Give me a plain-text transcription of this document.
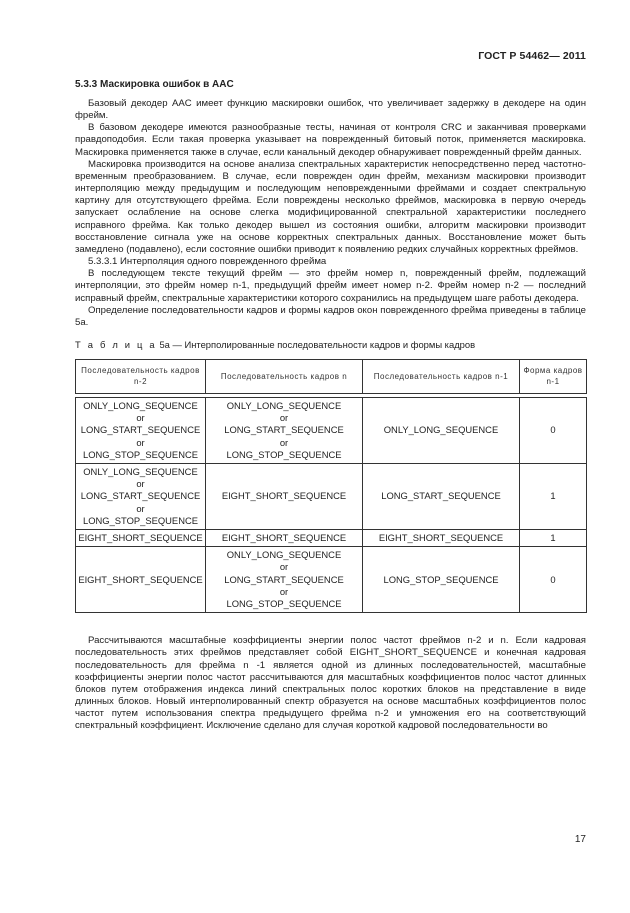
ГОСТ Р 54462— 2011
5.3.3 Маскировка ошибок в AAC

Базовый декодер AAC имеет функцию маскировки ошибок, что увеличивает задержку в декодере на один фрейм.

В базовом декодере имеются разнообразные тесты, начиная от контроля CRC и заканчивая проверками правдоподобия. Если такая проверка указывает на поврежденный битовый поток, применяется маскировка. Маскировка применяется также в случае, если канальный декодер обнаруживает поврежденный фрейм данных.

Маскировка производится на основе анализа спектральных характеристик непосредственно перед частотно-временным преобразованием. В случае, если поврежден один фрейм, механизм маскировки производит интерполяцию между предыдущим и последующим неповрежденными фреймами и создает спектральную картину для отсутствующего фрейма. Если повреждены несколько фреймов, маскировка в первую очередь запускает ослабление на основе слегка модифицированной спектральной характеристики последнего исправного фрейма. Как только декодер вышел из состояния ошибки, алгоритм маскировки производит восстановление сигнала уже на основе корректных спектральных данных. Восстановление может быть замедлено (подавлено), если состояние ошибки приводит к появлению редких случайных корректных фреймов.

5.3.3.1 Интерполяция одного поврежденного фрейма

В последующем тексте текущий фрейм — это фрейм номер n, поврежденный фрейм, подлежащий интерполяции, это фрейм номер n-1, предыдущий фрейм имеет номер n-2. Фрейм номер n-2 — последний исправный фрейм, спектральные характеристики которого сохранились на предыдущем шаге работы декодера.

Определение последовательности кадров и формы кадров окон поврежденного фрейма приведены в таблице 5а.

Т а б л и ц а 5а — Интерполированные последовательности кадров и формы кадров
Последовательность кадров n-2	Последовательность кадров n	Последовательность кадров n-1	Форма кадров n-1

ONLY_LONG_SEQUENCE
or
LONG_START_SEQUENCE
or
LONG_STOP_SEQUENCE	ONLY_LONG_SEQUENCE
or
LONG_START_SEQUENCE
or
LONG_STOP_SEQUENCE	ONLY_LONG_SEQUENCE	0

ONLY_LONG_SEQUENCE
or
LONG_START_SEQUENCE
or
LONG_STOP_SEQUENCE	EIGHT_SHORT_SEQUENCE	LONG_START_SEQUENCE	1
EIGHT_SHORT_SEQUENCE	EIGHT_SHORT_SEQUENCE	EIGHT_SHORT_SEQUENCE	1
EIGHT_SHORT_SEQUENCE	ONLY_LONG_SEQUENCE
or
LONG_START_SEQUENCE
or
LONG_STOP_SEQUENCE	LONG_STOP_SEQUENCE	0

Рассчитываются масштабные коэффициенты энергии полос частот фреймов n-2 и n. Если кадровая последовательность этих фреймов представляет собой EIGHT_SHORT_SEQUENCE и конечная кадровая последовательность для фрейма n -1 является одной из длинных последовательностей, масштабные коэффициенты энергии полос частот рассчитываются для масштабных коэффициентов полос частот длинных блоков путем отображения индекса линий спектральных полос коротких блоков на представление в виде длинных блоков. Новый интерполированный спектр образуется на основе масштабных коэффициентов полос частот путем использования спектра предыдущего фрейма n-2 и умножения его на соответствующий спектральный коэффициент. Исключение сделано для случая короткой кадровой последовательности во

17
